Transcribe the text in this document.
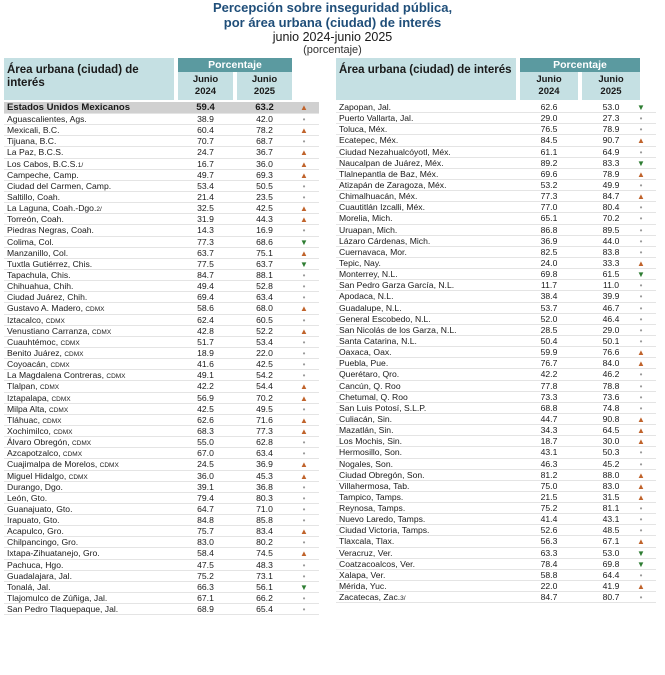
Percepción sobre inseguridad pública,
por área urbana (ciudad) de interés
junio 2024-junio 2025
(porcentaje)
Área urbana (ciudad) de interés
Porcentaje
Junio
2024
Junio
2025
Estados Unidos Mexicanos	59.4	63.2	▲
Aguascalientes, Ags.	38.9	42.0	•
Mexicali, B.C.	60.4	78.2	▲
Tijuana, B.C.	70.7	68.7	•
La Paz, B.C.S.	24.7	36.7	▲
Los Cabos, B.C.S.1/	16.7	36.0	▲
Campeche, Camp.	49.7	69.3	▲
Ciudad del Carmen, Camp.	53.4	50.5	•
Saltillo, Coah.	21.4	23.5	•
La Laguna, Coah.-Dgo.2/	32.5	42.5	▲
Torreón, Coah.	31.9	44.3	▲
Piedras Negras, Coah.	14.3	16.9	•
Colima, Col.	77.3	68.6	▼
Manzanillo, Col.	63.7	75.1	▲
Tuxtla Gutiérrez, Chis.	77.5	63.7	▼
Tapachula, Chis.	84.7	88.1	•
Chihuahua, Chih.	49.4	52.8	•
Ciudad Juárez, Chih.	69.4	63.4	•
Gustavo A. Madero, CDMX	58.6	68.0	▲
Iztacalco, CDMX	62.4	60.5	•
Venustiano Carranza, CDMX	42.8	52.2	▲
Cuauhtémoc, CDMX	51.7	53.4	•
Benito Juárez, CDMX	18.9	22.0	•
Coyoacán, CDMX	41.6	42.5	•
La Magdalena Contreras, CDMX	49.1	54.2	•
Tlalpan, CDMX	42.2	54.4	▲
Iztapalapa, CDMX	56.9	70.2	▲
Milpa Alta, CDMX	42.5	49.5	•
Tláhuac, CDMX	62.6	71.6	▲
Xochimilco, CDMX	68.3	77.3	▲
Álvaro Obregón, CDMX	55.0	62.8	•
Azcapotzalco, CDMX	67.0	63.4	•
Cuajimalpa de Morelos, CDMX	24.5	36.9	▲
Miguel Hidalgo, CDMX	36.0	45.3	▲
Durango, Dgo.	39.1	36.8	•
León, Gto.	79.4	80.3	•
Guanajuato, Gto.	64.7	71.0	•
Irapuato, Gto.	84.8	85.8	•
Acapulco, Gro.	75.7	83.4	▲
Chilpancingo, Gro.	83.0	80.2	•
Ixtapa-Zihuatanejo, Gro.	58.4	74.5	▲
Pachuca, Hgo.	47.5	48.3	•
Guadalajara, Jal.	75.2	73.1	•
Tonalá, Jal.	66.3	56.1	▼
Tlajomulco de Zúñiga, Jal.	67.1	66.2	•
San Pedro Tlaquepaque, Jal.	68.9	65.4	•
Área urbana (ciudad) de interés	Porcentaje
Junio
2024
Junio
2025
Zapopan, Jal.	62.6	53.0	▼
Puerto Vallarta, Jal.	29.0	27.3	•
Toluca, Méx.	76.5	78.9	•
Ecatepec, Méx.	84.5	90.7	▲
Ciudad Nezahualcóyotl, Méx.	61.1	64.9	•
Naucalpan de Juárez, Méx.	89.2	83.3	▼
Tlalnepantla de Baz, Méx.	69.6	78.9	▲
Atizapán de Zaragoza, Méx.	53.2	49.9	•
Chimalhuacán, Méx.	77.3	84.7	▲
Cuautitlán Izcalli, Méx.	77.0	80.4	•
Morelia, Mich.	65.1	70.2	•
Uruapan, Mich.	86.8	89.5	•
Lázaro Cárdenas, Mich.	36.9	44.0	•
Cuernavaca, Mor.	82.5	83.8	•
Tepic, Nay.	24.0	33.3	▲
Monterrey, N.L.	69.8	61.5	▼
San Pedro Garza García, N.L.	11.7	11.0	•
Apodaca, N.L.	38.4	39.9	•
Guadalupe, N.L.	53.7	46.7	•
General Escobedo, N.L.	52.0	46.4	•
San Nicolás de los Garza, N.L.	28.5	29.0	•
Santa Catarina, N.L.	50.4	50.1	•
Oaxaca, Oax.	59.9	76.6	▲
Puebla, Pue.	76.7	84.0	▲
Querétaro, Qro.	42.2	46.2	•
Cancún, Q. Roo	77.8	78.8	•
Chetumal, Q. Roo	73.3	73.6	•
San Luis Potosí, S.L.P.	68.8	74.8	•
Culiacán, Sin.	44.7	90.8	▲
Mazatlán, Sin.	34.3	64.5	▲
Los Mochis, Sin.	18.7	30.0	▲
Hermosillo, Son.	43.1	50.3	•
Nogales, Son.	46.3	45.2	•
Ciudad Obregón, Son.	81.2	88.0	▲
Villahermosa, Tab.	75.0	83.0	▲
Tampico, Tamps.	21.5	31.5	▲
Reynosa, Tamps.	75.2	81.1	•
Nuevo Laredo, Tamps.	41.4	43.1	•
Ciudad Victoria, Tamps.	52.6	48.5	•
Tlaxcala, Tlax.	56.3	67.1	▲
Veracruz, Ver.	63.3	53.0	▼
Coatzacoalcos, Ver.	78.4	69.8	▼
Xalapa, Ver.	58.8	64.4	•
Mérida, Yuc.	22.0	41.9	▲
Zacatecas, Zac.3/	84.7	80.7	•
